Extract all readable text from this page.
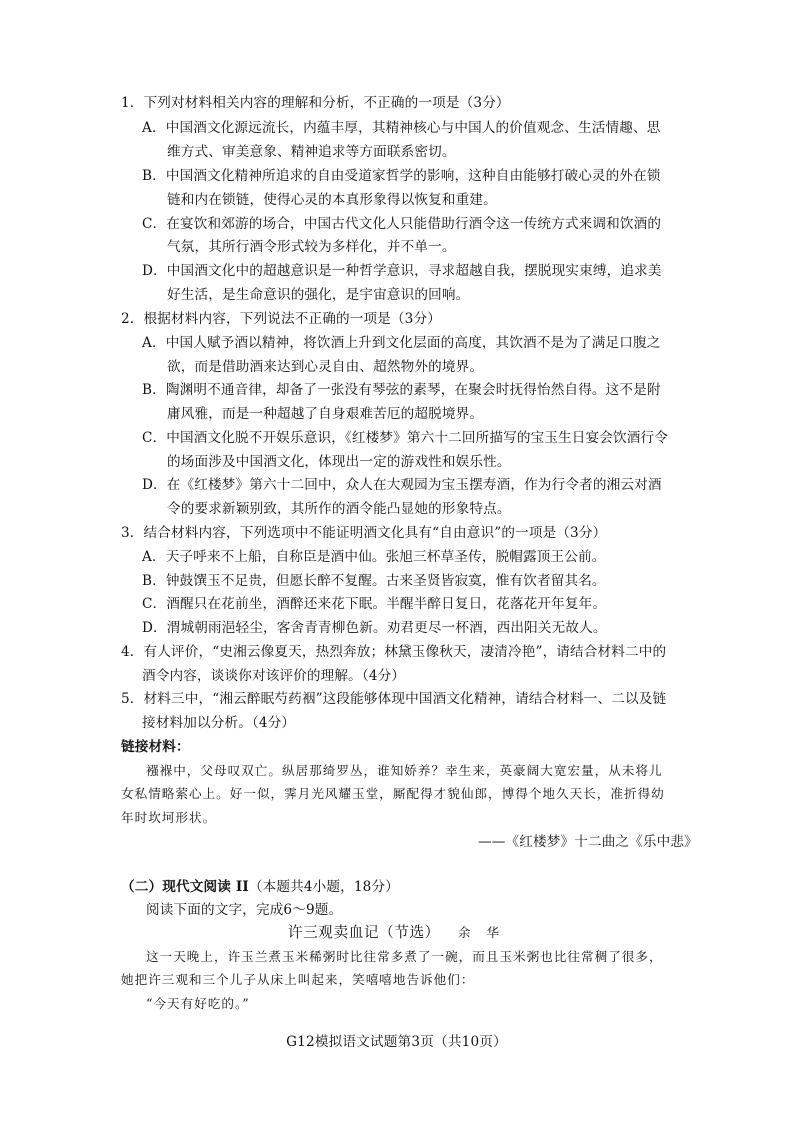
1．下列对材料相关内容的理解和分析，不正确的一项是（3分）
A．中国酒文化源远流长，内蕴丰厚，其精神核心与中国人的价值观念、生活情趣、思
维方式、审美意象、精神追求等方面联系密切。
B．中国酒文化精神所追求的自由受道家哲学的影响，这种自由能够打破心灵的外在锁
链和内在锁链，使得心灵的本真形象得以恢复和重建。
C．在宴饮和郊游的场合，中国古代文化人只能借助行酒令这一传统方式来调和饮酒的
气氛，其所行酒令形式较为多样化，并不单一。
D．中国酒文化中的超越意识是一种哲学意识，寻求超越自我，摆脱现实束缚，追求美
好生活，是生命意识的强化，是宇宙意识的回响。
2．根据材料内容，下列说法不正确的一项是（3分）
A．中国人赋予酒以精神，将饮酒上升到文化层面的高度，其饮酒不是为了满足口腹之
欲，而是借助酒来达到心灵自由、超然物外的境界。
B．陶渊明不通音律，却备了一张没有琴弦的素琴，在聚会时抚得怡然自得。这不是附
庸风雅，而是一种超越了自身艰难苦厄的超脱境界。
C．中国酒文化脱不开娱乐意识，《红楼梦》第六十二回所描写的宝玉生日宴会饮酒行令
的场面涉及中国酒文化，体现出一定的游戏性和娱乐性。
D．在《红楼梦》第六十二回中，众人在大观园为宝玉摆寿酒，作为行令者的湘云对酒
令的要求新颖别致，其所作的酒令能凸显她的形象特点。
3．结合材料内容，下列选项中不能证明酒文化具有“自由意识”的一项是（3分）
A．天子呼来不上船，自称臣是酒中仙。张旭三杯草圣传，脱帽露顶王公前。
B．钟鼓馔玉不足贵，但愿长醉不复醒。古来圣贤皆寂寞，惟有饮者留其名。
C．酒醒只在花前坐，酒醉还来花下眠。半醒半醉日复日，花落花开年复年。
D．渭城朝雨浥轻尘，客舍青青柳色新。劝君更尽一杯酒，西出阳关无故人。
4．有人评价，“史湘云像夏天，热烈奔放；林黛玉像秋天，凄清冷艳”，请结合材料二中的
酒令内容，谈谈你对该评价的理解。（4分）
5．材料三中，“湘云醉眠芍药裀”这段能够体现中国酒文化精神，请结合材料一、二以及链
接材料加以分析。（4分）
链接材料：
襁褓中，父母叹双亡。纵居那绮罗丛，谁知娇养？幸生来，英豪阔大宽宏量，从未将儿
女私情略萦心上。好一似，霁月光风耀玉堂，厮配得才貌仙郎，博得个地久天长，准折得幼
年时坎坷形状。
——《红楼梦》十二曲之《乐中悲》
（二）现代文阅读 II（本题共4小题，18分）
阅读下面的文字，完成6～9题。
许三观卖血记（节选） 余 华
这一天晚上，许玉兰煮玉米稀粥时比往常多煮了一碗，而且玉米粥也比往常稠了很多，
她把许三观和三个儿子从床上叫起来，笑嘻嘻地告诉他们：
“今天有好吃的。”
G12模拟语文试题第3页（共10页）
